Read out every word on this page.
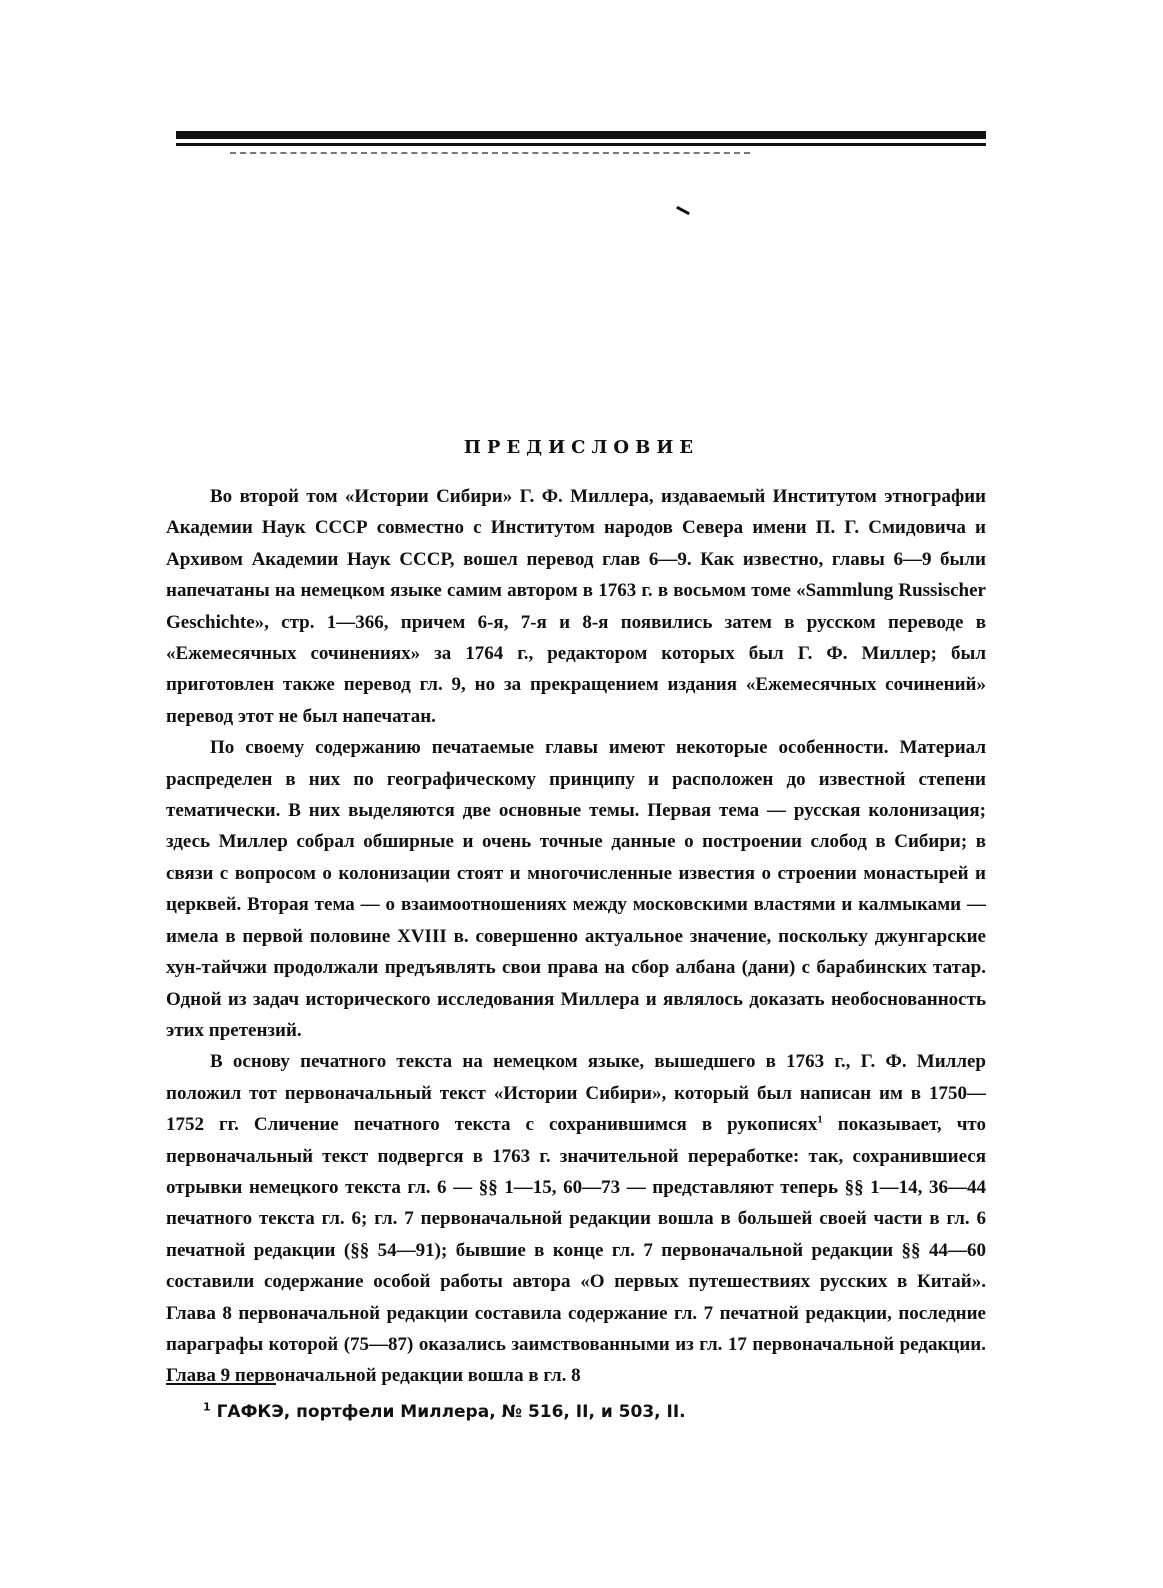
ПРЕДИСЛОВИЕ

Во второй том «Истории Сибири» Г. Ф. Миллера, издаваемый Институтом этнографии Академии Наук СССР совместно с Институтом народов Севера имени П. Г. Смидовича и Архивом Академии Наук СССР, вошел перевод глав 6—9. Как известно, главы 6—9 были напечатаны на немецком языке самим автором в 1763 г. в восьмом томе «Sammlung Russischer Geschichte», стр. 1—366, причем 6-я, 7-я и 8-я появились затем в русском переводе в «Ежемесячных сочинениях» за 1764 г., редактором которых был Г. Ф. Миллер; был приготовлен также перевод гл. 9, но за прекращением издания «Ежемесячных сочинений» перевод этот не был напечатан.

По своему содержанию печатаемые главы имеют некоторые особенности. Материал распределен в них по географическому принципу и расположен до известной степени тематически. В них выделяются две основные темы. Первая тема — русская колонизация; здесь Миллер собрал обширные и очень точные данные о построении слобод в Сибири; в связи с вопросом о колонизации стоят и многочисленные известия о строении монастырей и церквей. Вторая тема — о взаимоотношениях между московскими властями и калмыками — имела в первой половине XVIII в. совершенно актуальное значение, поскольку джунгарские хун-тайчжи продолжали предъявлять свои права на сбор албана (дани) с барабинских татар. Одной из задач исторического исследования Миллера и являлось доказать необоснованность этих претензий.

В основу печатного текста на немецком языке, вышедшего в 1763 г., Г. Ф. Миллер положил тот первоначальный текст «Истории Сибири», который был написан им в 1750—1752 гг. Сличение печатного текста с сохранившимся в рукописях$^1$ показывает, что первоначальный текст подвергся в 1763 г. значительной переработке: так, сохранившиеся отрывки немецкого текста гл. 6 — §§ 1—15, 60—73 — представляют теперь §§ 1—14, 36—44 печатного текста гл. 6; гл. 7 первоначальной редакции вошла в большей своей части в гл. 6 печатной редакции (§§ 54—91); бывшие в конце гл. 7 первоначальной редакции §§ 44—60 составили содержание особой работы автора «О первых путешествиях русских в Китай». Глава 8 первоначальной редакции составила содержание гл. 7 печатной редакции, последние параграфы которой (75—87) оказались заимствованными из гл. 17 первоначальной редакции. Глава 9 первоначальной редакции вошла в гл. 8

$^1$ ГАФКЭ, портфели Миллера, № 516, II, и 503, II.
